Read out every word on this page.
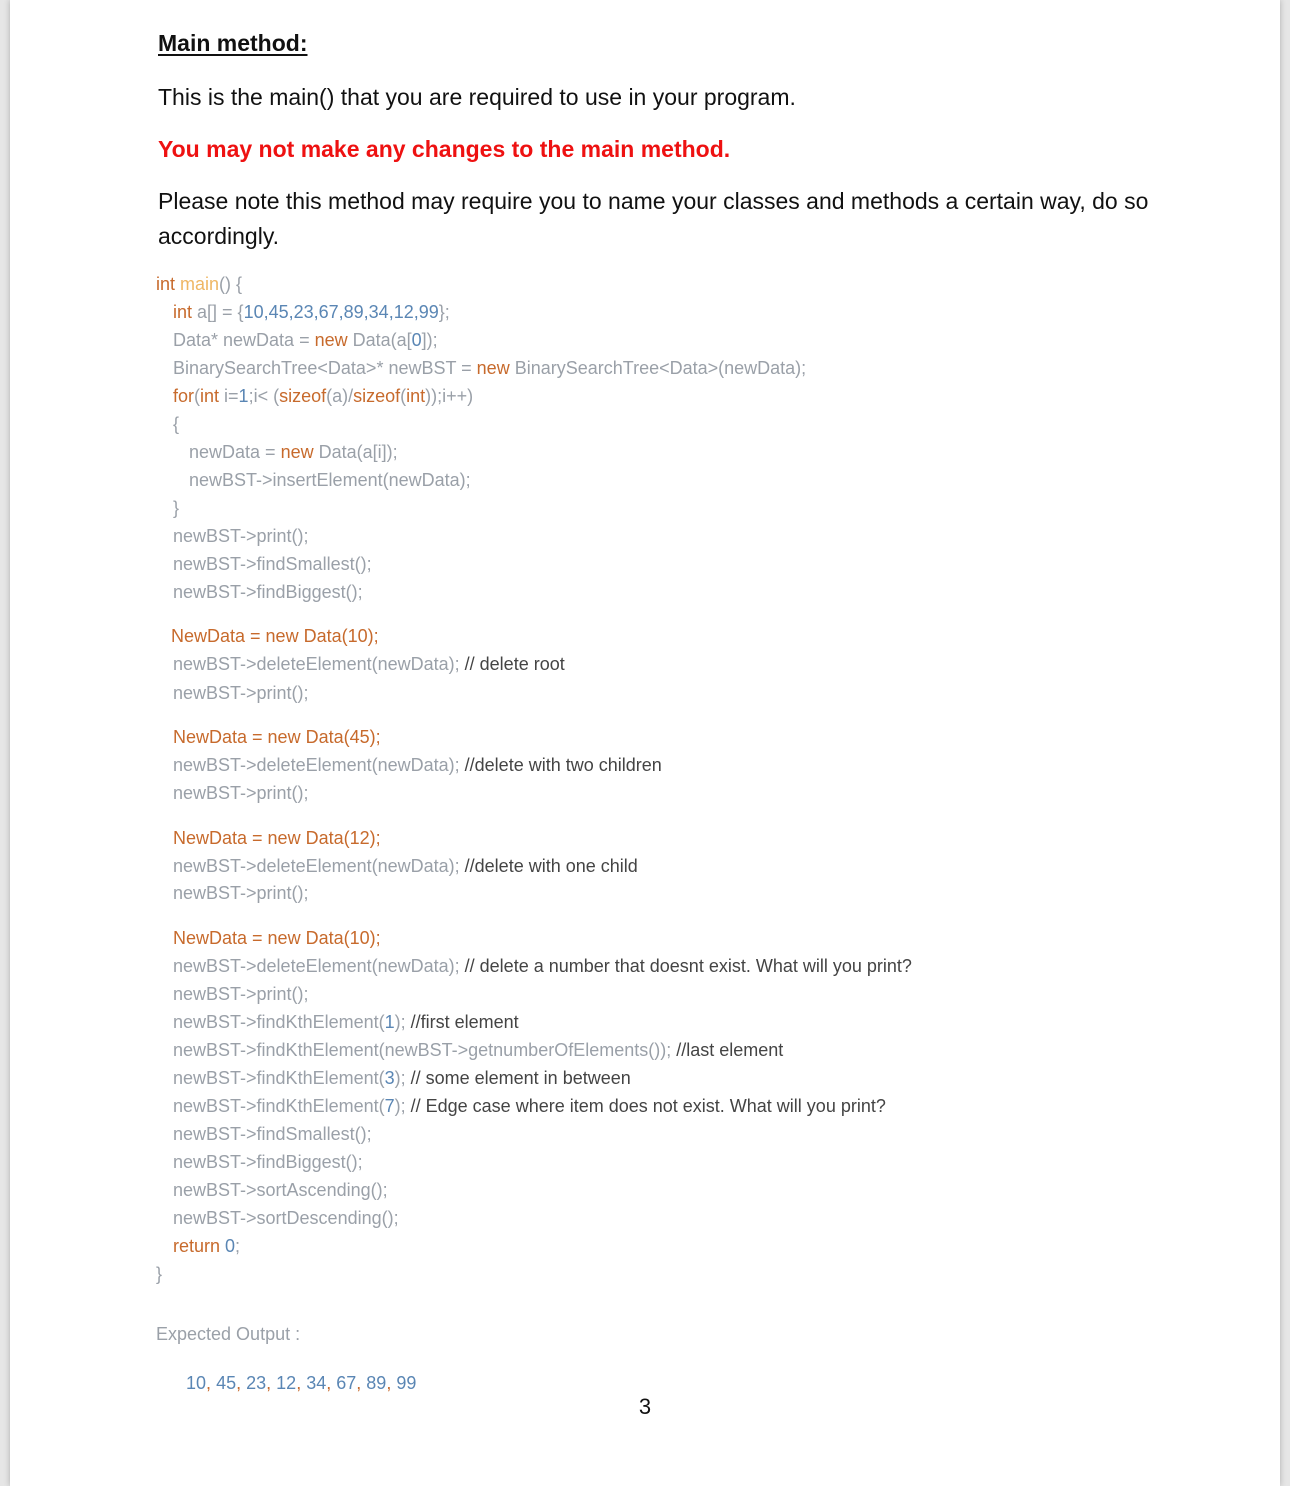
Main method:
This is the main() that you are required to use in your program.
You may not make any changes to the main method.
Please note this method may require you to name your classes and methods a certain way, do so accordingly.
int main() {
int a[] = {10,45,23,67,89,34,12,99};
Data* newData = new Data(a[0]);
BinarySearchTree<Data>* newBST = new BinarySearchTree<Data>(newData);
for(int i=1;i< (sizeof(a)/sizeof(int));i++)
{
newData = new Data(a[i]);
newBST->insertElement(newData);
}
newBST->print();
newBST->findSmallest();
newBST->findBiggest();
NewData = new Data(10);
newBST->deleteElement(newData); // delete root
newBST->print();
NewData = new Data(45);
newBST->deleteElement(newData); //delete with two children
newBST->print();
NewData = new Data(12);
newBST->deleteElement(newData); //delete with one child
newBST->print();
NewData = new Data(10);
newBST->deleteElement(newData); // delete a number that doesnt exist. What will you print?
newBST->print();
newBST->findKthElement(1); //first element
newBST->findKthElement(newBST->getnumberOfElements()); //last element
newBST->findKthElement(3); // some element in between
newBST->findKthElement(7); // Edge case where item does not exist. What will you print?
newBST->findSmallest();
newBST->findBiggest();
newBST->sortAscending();
newBST->sortDescending();
return 0;
}
Expected Output :

10, 45, 23, 12, 34, 67, 89, 99

3
